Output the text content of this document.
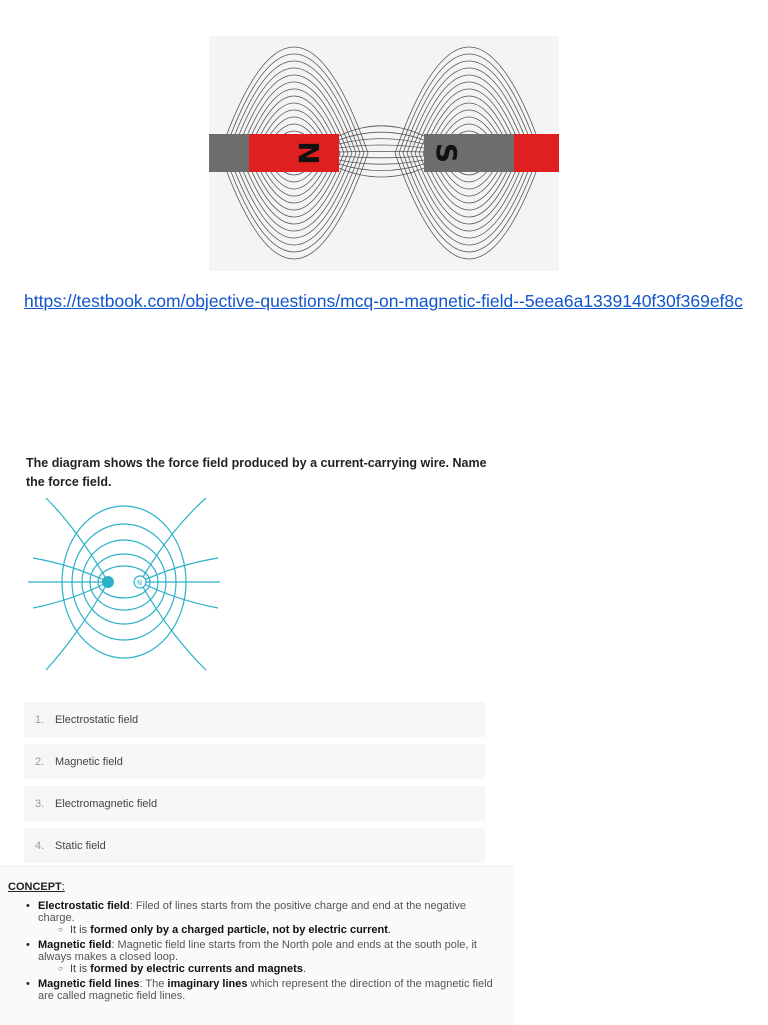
N	S
https://testbook.com/objective-questions/mcq-on-magnetic-field--5eea6a1339140f30f369ef8c
The diagram shows the force field produced by a current-carrying wire. Name the force field.
S N
1. Electrostatic field
2. Magnetic field
3. Electromagnetic field
4. Static field
CONCEPT:
• Electrostatic field: Filed of lines starts from the positive charge and end at the negative charge.
○ It is formed only by a charged particle, not by electric current.
• Magnetic field: Magnetic field line starts from the North pole and ends at the south pole, it always makes a closed loop.
○ It is formed by electric currents and magnets.
• Magnetic field lines: The imaginary lines which represent the direction of the magnetic field are called magnetic field lines.
